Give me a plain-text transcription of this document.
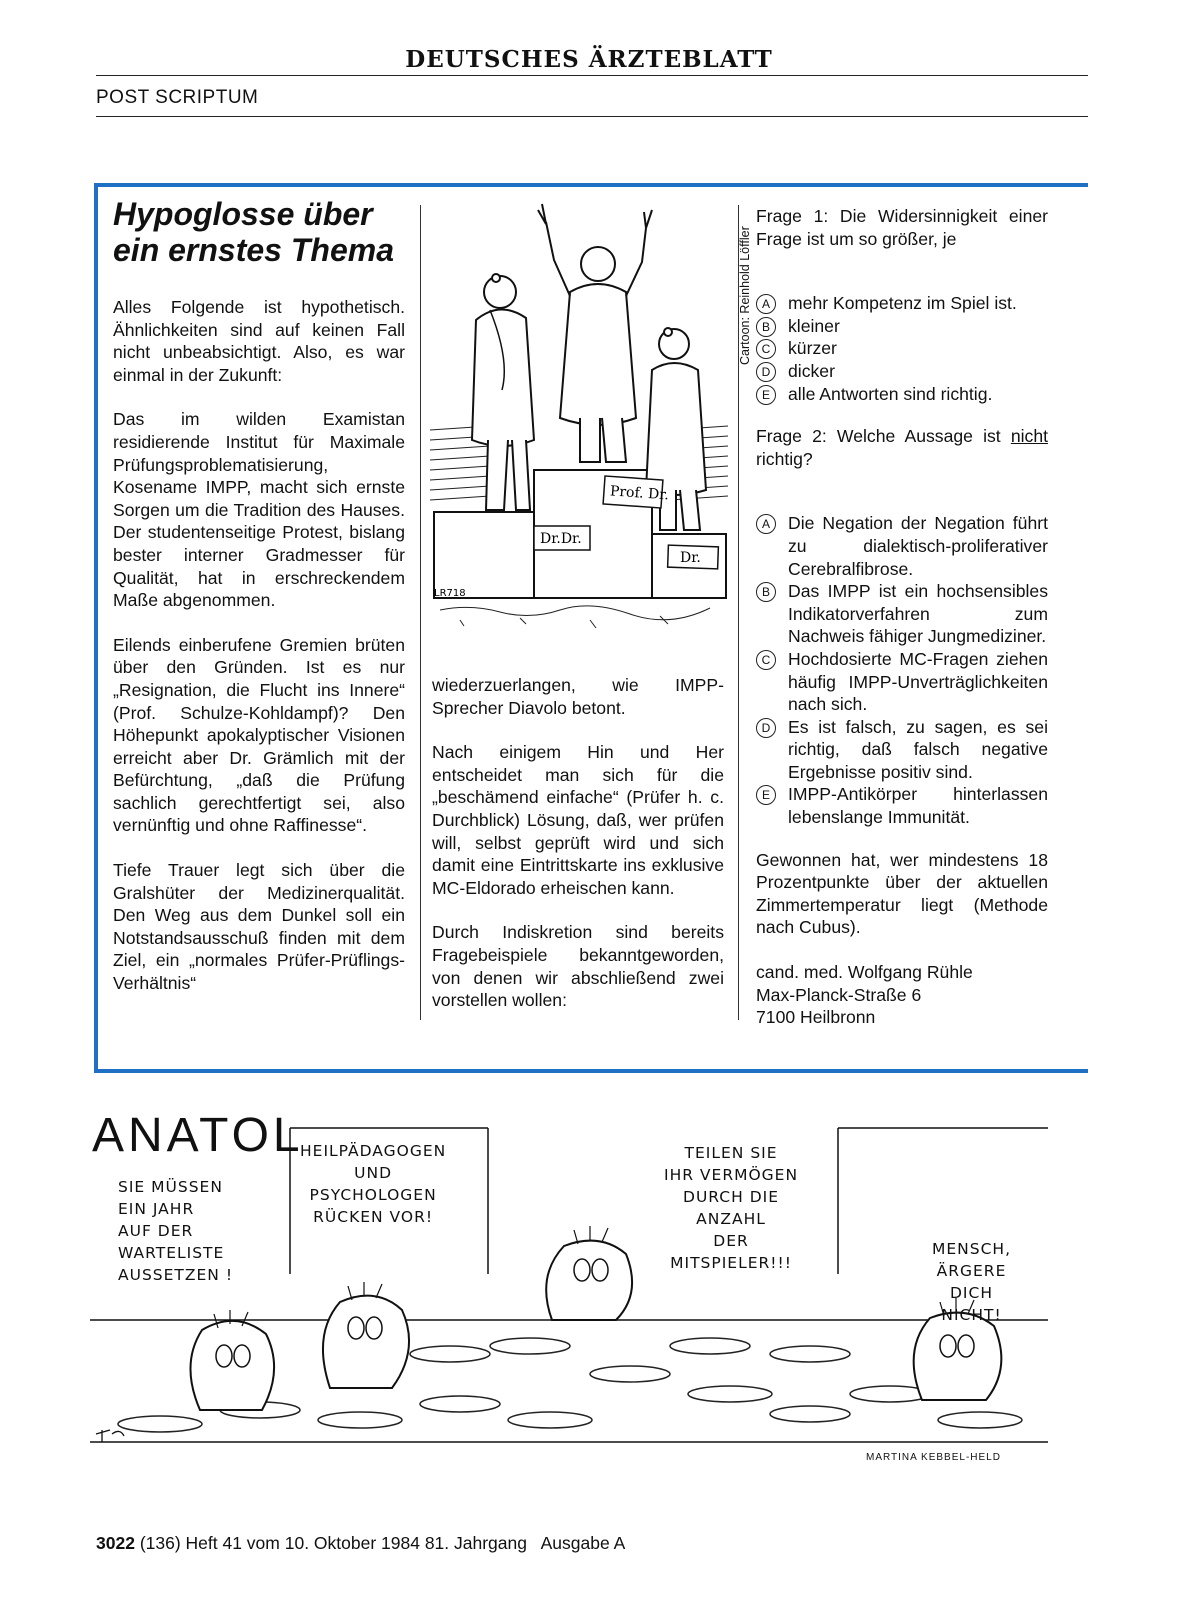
DEUTSCHES ÄRZTEBLATT
POST SCRIPTUM
Hypoglosse über
ein ernstes Thema

Alles Folgende ist hypothetisch. Ähnlichkeiten sind auf keinen Fall nicht unbeabsichtigt. Also, es war einmal in der Zukunft:

Das im wilden Examistan residierende Institut für Maximale Prüfungsproblematisierung, Kosename IMPP, macht sich ernste Sorgen um die Tradition des Hauses. Der studentenseitige Protest, bislang bester interner Gradmesser für Qualität, hat in erschreckendem Maße abgenommen.

Eilends einberufene Gremien brüten über den Gründen. Ist es nur „Resignation, die Flucht ins Innere“ (Prof. Schulze-Kohldampf)? Den Höhepunkt apokalyptischer Visionen erreicht aber Dr. Grämlich mit der Befürchtung, „daß die Prüfung sachlich gerechtfertigt sei, also vernünftig und ohne Raffinesse“.

Tiefe Trauer legt sich über die Gralshüter der Medizinerqualität. Den Weg aus dem Dunkel soll ein Notstandsausschuß finden mit dem Ziel, ein „normales Prüfer-Prüflings-Verhältnis“

Prof. Dr.
Dr.Dr.
Dr.
LR718
Cartoon: Reinhold Löffler

wiederzuerlangen, wie IMPP-Sprecher Diavolo betont.

Nach einigem Hin und Her entscheidet man sich für die „beschämend einfache“ (Prüfer h. c. Durchblick) Lösung, daß, wer prüfen will, selbst geprüft wird und sich damit eine Eintrittskarte ins exklusive MC-Eldorado erheischen kann.

Durch Indiskretion sind bereits Fragebeispiele bekanntgeworden, von denen wir abschließend zwei vorstellen wollen:

Frage 1: Die Widersinnigkeit einer Frage ist um so größer, je

A	mehr Kompetenz im Spiel ist.
B	kleiner
C	kürzer
D	dicker
E	alle Antworten sind richtig.

Frage 2: Welche Aussage ist nicht richtig?

A	Die Negation der Negation führt zu dialektisch-proliferativer Cerebralfibrose.
B	Das IMPP ist ein hochsensibles Indikatorverfahren zum Nachweis fähiger Jungmediziner.
C	Hochdosierte MC-Fragen ziehen häufig IMPP-Unverträglichkeiten nach sich.
D	Es ist falsch, zu sagen, es sei richtig, daß falsch negative Ergebnisse positiv sind.
E	IMPP-Antikörper hinterlassen lebenslange Immunität.

Gewonnen hat, wer mindestens 18 Prozentpunkte über der aktuellen Zimmertemperatur liegt (Methode nach Cubus).

cand. med. Wolfgang Rühle
Max-Planck-Straße 6
7100 Heilbronn
ANATOL
SIE MÜSSEN
EIN JAHR
AUF DER
WARTELISTE
AUSSETZEN !
HEILPÄDAGOGEN
UND
PSYCHOLOGEN
RÜCKEN VOR!
TEILEN SIE
IHR VERMÖGEN
DURCH DIE
ANZAHL
DER
MITSPIELER!!!
MENSCH,
ÄRGERE
DICH
NICHT!
MARTINA KEBBEL-HELD
3022 (136) Heft 41 vom 10. Oktober 1984 81. Jahrgang   Ausgabe A
